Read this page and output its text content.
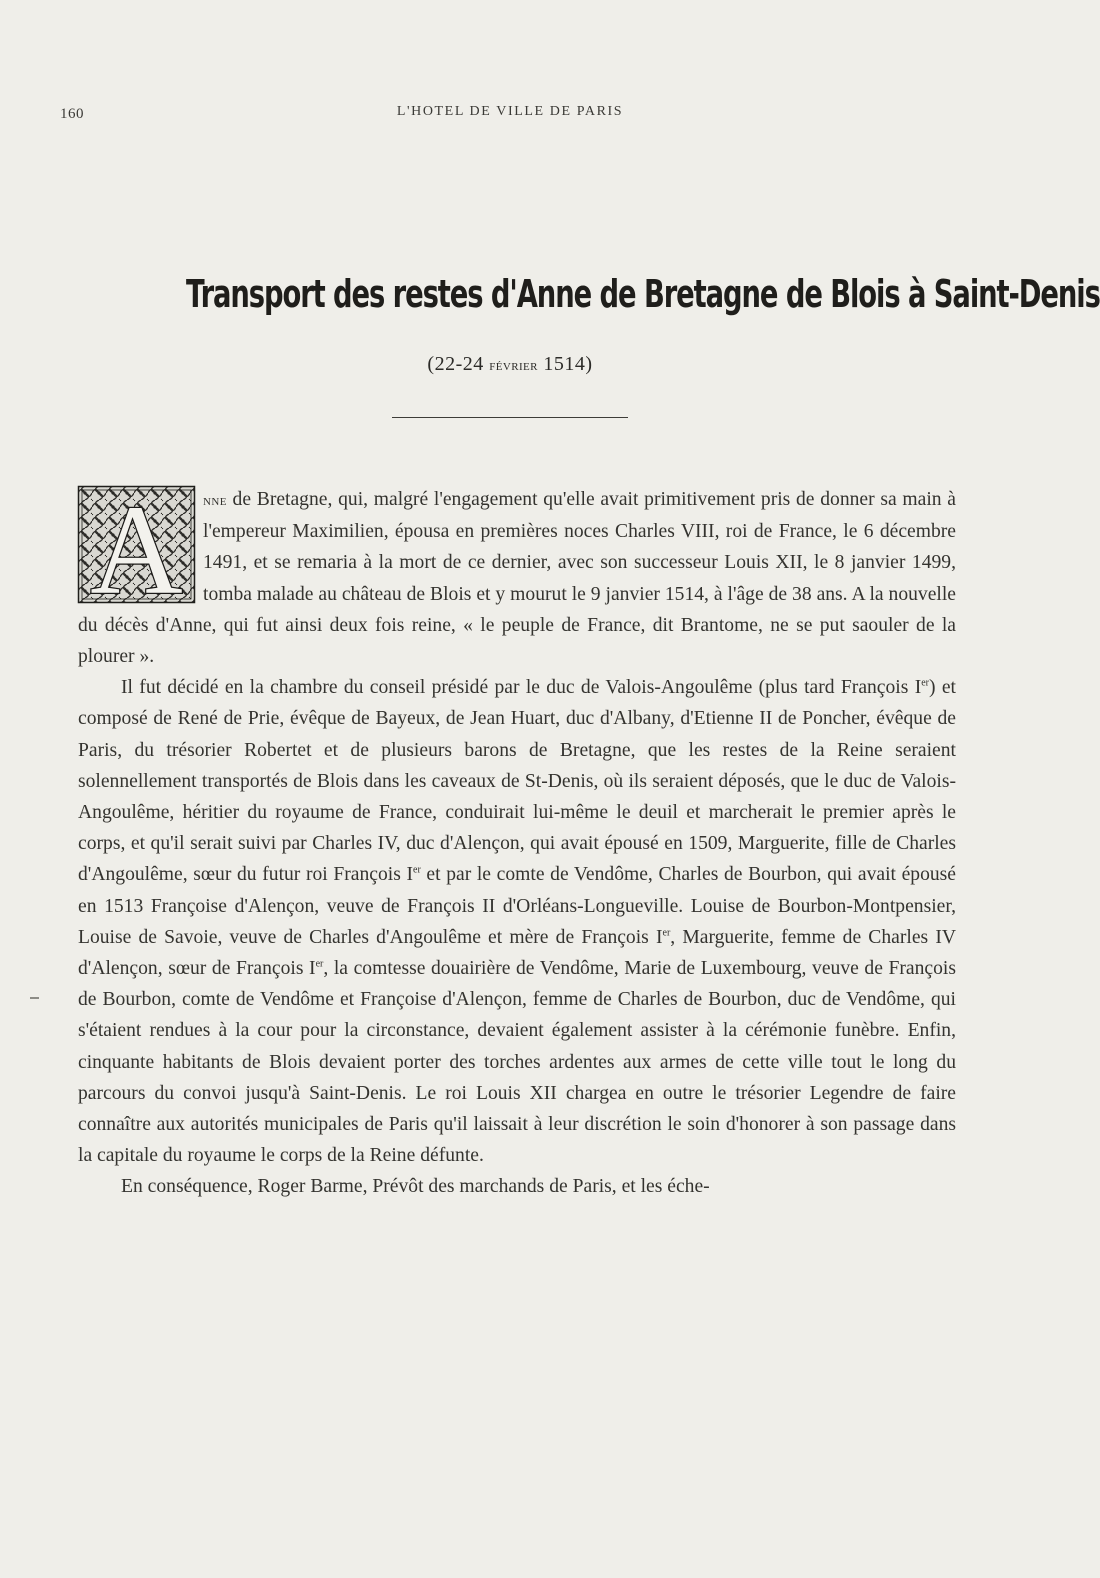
160	L'HOTEL DE VILLE DE PARIS
Transport des restes d'Anne de Bretagne de Blois à Saint-Denis
(22-24 février 1514)

A nne de Bretagne, qui, malgré l'engagement qu'elle avait primitivement pris de donner sa main à l'empereur Maximilien, épousa en premières noces Charles VIII, roi de France, le 6 décembre 1491, et se remaria à la mort de ce dernier, avec son successeur Louis XII, le 8 janvier 1499, tomba malade au château de Blois et y mourut le 9 janvier 1514, à l'âge de 38 ans. A la nouvelle du décès d'Anne, qui fut ainsi deux fois reine, « le peuple de France, dit Brantome, ne se put saouler de la plourer ».

Il fut décidé en la chambre du conseil présidé par le duc de Valois-Angoulême (plus tard François Ier) et composé de René de Prie, évêque de Bayeux, de Jean Huart, duc d'Albany, d'Etienne II de Poncher, évêque de Paris, du trésorier Robertet et de plusieurs barons de Bretagne, que les restes de la Reine seraient solennellement transportés de Blois dans les caveaux de St-Denis, où ils seraient déposés, que le duc de Valois-Angoulême, héritier du royaume de France, conduirait lui-même le deuil et marcherait le premier après le corps, et qu'il serait suivi par Charles IV, duc d'Alençon, qui avait épousé en 1509, Marguerite, fille de Charles d'Angoulême, sœur du futur roi François Ier et par le comte de Vendôme, Charles de Bourbon, qui avait épousé en 1513 Françoise d'Alençon, veuve de François II d'Orléans-Longueville. Louise de Bourbon-Montpensier, Louise de Savoie, veuve de Charles d'Angoulême et mère de François Ier, Marguerite, femme de Charles IV d'Alençon, sœur de François Ier, la comtesse douairière de Vendôme, Marie de Luxembourg, veuve de François de Bourbon, comte de Vendôme et Françoise d'Alençon, femme de Charles de Bourbon, duc de Vendôme, qui s'étaient rendues à la cour pour la circonstance, devaient également assister à la cérémonie funèbre. Enfin, cinquante habitants de Blois devaient porter des torches ardentes aux armes de cette ville tout le long du parcours du convoi jusqu'à Saint-Denis. Le roi Louis XII chargea en outre le trésorier Legendre de faire connaître aux autorités municipales de Paris qu'il laissait à leur discrétion le soin d'honorer à son passage dans la capitale du royaume le corps de la Reine défunte.

En conséquence, Roger Barme, Prévôt des marchands de Paris, et les éche-
